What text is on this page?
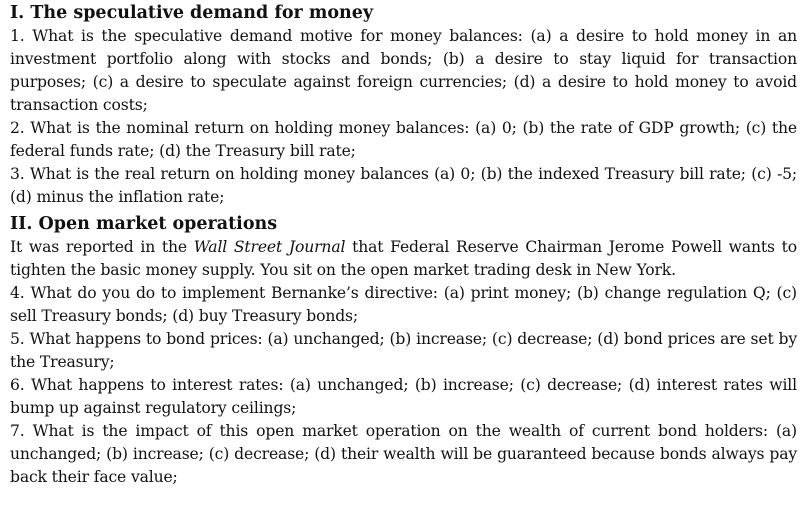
I. The speculative demand for money

1. What is the speculative demand motive for money balances: (a) a desire to hold money in an investment portfolio along with stocks and bonds; (b) a desire to stay liquid for transaction purposes; (c) a desire to speculate against foreign currencies; (d) a desire to hold money to avoid transaction costs;

2. What is the nominal return on holding money balances: (a) 0; (b) the rate of GDP growth; (c) the federal funds rate; (d) the Treasury bill rate;

3. What is the real return on holding money balances (a) 0; (b) the indexed Treasury bill rate; (c) -5; (d) minus the inflation rate;

II. Open market operations

It was reported in the Wall Street Journal that Federal Reserve Chairman Jerome Powell wants to tighten the basic money supply. You sit on the open market trading desk in New York.

4. What do you do to implement Bernanke’s directive: (a) print money; (b) change regulation Q; (c) sell Treasury bonds; (d) buy Treasury bonds;

5. What happens to bond prices: (a) unchanged; (b) increase; (c) decrease; (d) bond prices are set by the Treasury;

6. What happens to interest rates: (a) unchanged; (b) increase; (c) decrease; (d) interest rates will bump up against regulatory ceilings;

7. What is the impact of this open market operation on the wealth of current bond holders: (a) unchanged; (b) increase; (c) decrease; (d) their wealth will be guaranteed because bonds always pay back their face value;
